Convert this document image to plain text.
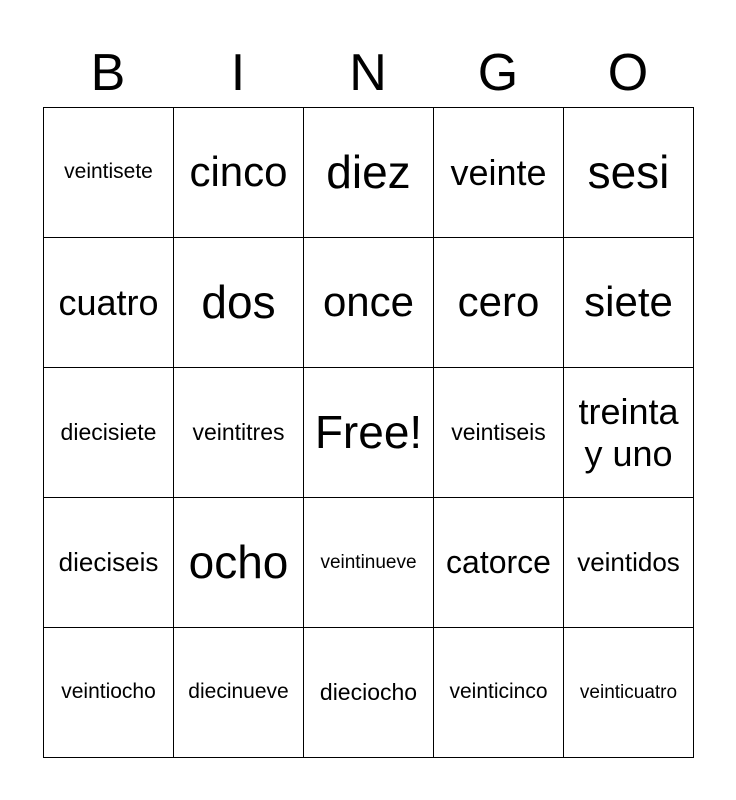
B	I	N	G	O
veintisete	cinco	diez	veinte	sesi
cuatro	dos	once	cero	siete
diecisiete	veintitres	Free!	veintiseis	treinta y uno
dieciseis	ocho	veintinueve	catorce	veintidos
veintiocho	diecinueve	dieciocho	veinticinco	veinticuatro
